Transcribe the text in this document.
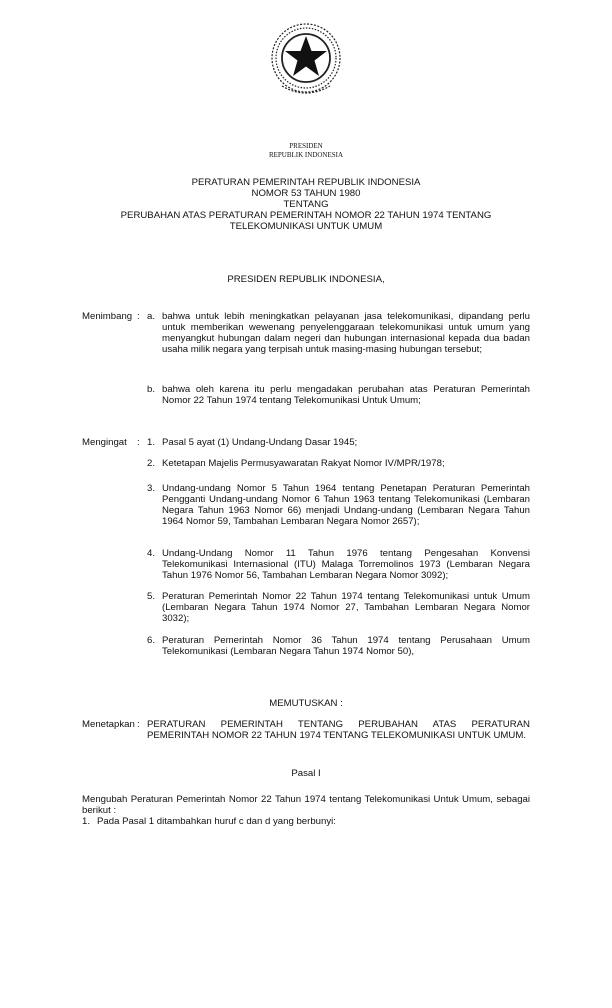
PRESIDEN
REPUBLIK INDONESIA
PERATURAN PEMERINTAH REPUBLIK INDONESIA
NOMOR 53 TAHUN 1980
TENTANG
PERUBAHAN ATAS PERATURAN PEMERINTAH NOMOR 22 TAHUN 1974 TENTANG
TELEKOMUNIKASI UNTUK UMUM
PRESIDEN REPUBLIK INDONESIA,
Menimbang : a. bahwa untuk lebih meningkatkan pelayanan jasa telekomunikasi, dipandang perlu untuk memberikan wewenang penyelenggaraan telekomunikasi untuk umum yang menyangkut hubungan dalam negeri dan hubungan internasional kepada dua badan usaha milik negara yang terpisah untuk masing-masing hubungan tersebut;
b. bahwa oleh karena itu perlu mengadakan perubahan atas Peraturan Pemerintah Nomor 22 Tahun 1974 tentang Telekomunikasi Untuk Umum;
Mengingat : 1. Pasal 5 ayat (1) Undang-Undang Dasar 1945;
2. Ketetapan Majelis Permusyawaratan Rakyat Nomor IV/MPR/1978;
3. Undang-undang Nomor 5 Tahun 1964 tentang Penetapan Peraturan Pemerintah Pengganti Undang-undang Nomor 6 Tahun 1963 tentang Telekomunikasi (Lembaran Negara Tahun 1963 Nomor 66) menjadi Undang-undang (Lembaran Negara Tahun 1964 Nomor 59, Tambahan Lembaran Negara Nomor 2657);
4. Undang-Undang Nomor 11 Tahun 1976 tentang Pengesahan Konvensi Telekomunikasi Internasional (ITU) Malaga Torremolinos 1973 (Lembaran Negara Tahun 1976 Nomor 56, Tambahan Lembaran Negara Nomor 3092);
5. Peraturan Pemerintah Nomor 22 Tahun 1974 tentang Telekomunikasi untuk Umum (Lembaran Negara Tahun 1974 Nomor 27, Tambahan Lembaran Negara Nomor 3032);
6. Peraturan Pemerintah Nomor 36 Tahun 1974 tentang Perusahaan Umum Telekomunikasi (Lembaran Negara Tahun 1974 Nomor 50),
MEMUTUSKAN :
Menetapkan : PERATURAN PEMERINTAH TENTANG PERUBAHAN ATAS PERATURAN PEMERINTAH NOMOR 22 TAHUN 1974 TENTANG TELEKOMUNIKASI UNTUK UMUM.
Pasal I
Mengubah Peraturan Pemerintah Nomor 22 Tahun 1974 tentang Telekomunikasi Untuk Umum, sebagai berikut :
1. Pada Pasal 1 ditambahkan huruf c dan d yang berbunyi:
